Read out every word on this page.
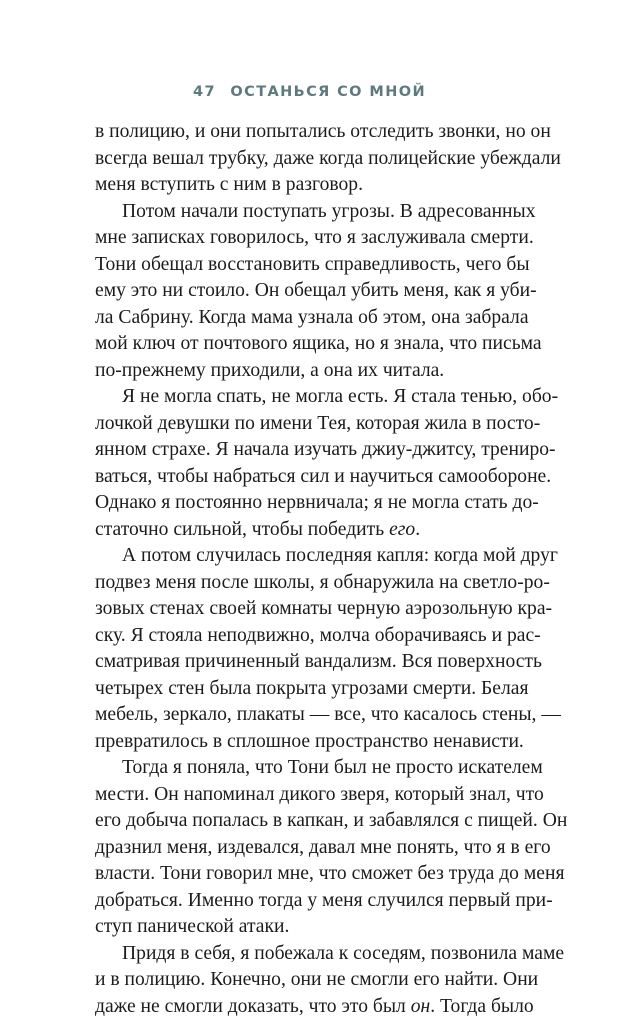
47 ОСТАНЬСЯ СО МНОЙ
в полицию, и они попытались отследить звонки, но он
всегда вешал трубку, даже когда полицейские убеждали
меня вступить с ним в разговор.
Потом начали поступать угрозы. В адресованных
мне записках говорилось, что я заслуживала смерти.
Тони обещал восстановить справедливость, чего бы
ему это ни стоило. Он обещал убить меня, как я уби-
ла Сабрину. Когда мама узнала об этом, она забрала
мой ключ от почтового ящика, но я знала, что письма
по-прежнему приходили, а она их читала.
Я не могла спать, не могла есть. Я стала тенью, обо-
лочкой девушки по имени Тея, которая жила в посто-
янном страхе. Я начала изучать джиу-джитсу, трениро-
ваться, чтобы набраться сил и научиться самообороне.
Однако я постоянно нервничала; я не могла стать до-
статочно сильной, чтобы победить его.
А потом случилась последняя капля: когда мой друг
подвез меня после школы, я обнаружила на светло-ро-
зовых стенах своей комнаты черную аэрозольную кра-
ску. Я стояла неподвижно, молча оборачиваясь и рас-
сматривая причиненный вандализм. Вся поверхность
четырех стен была покрыта угрозами смерти. Белая
мебель, зеркало, плакаты — все, что касалось стены, —
превратилось в сплошное пространство ненависти.
Тогда я поняла, что Тони был не просто искателем
мести. Он напоминал дикого зверя, который знал, что
его добыча попалась в капкан, и забавлялся с пищей. Он
дразнил меня, издевался, давал мне понять, что я в его
власти. Тони говорил мне, что сможет без труда до меня
добраться. Именно тогда у меня случился первый при-
ступ панической атаки.
Придя в себя, я побежала к соседям, позвонила маме
и в полицию. Конечно, они не смогли его найти. Они
даже не смогли доказать, что это был он. Тогда было
